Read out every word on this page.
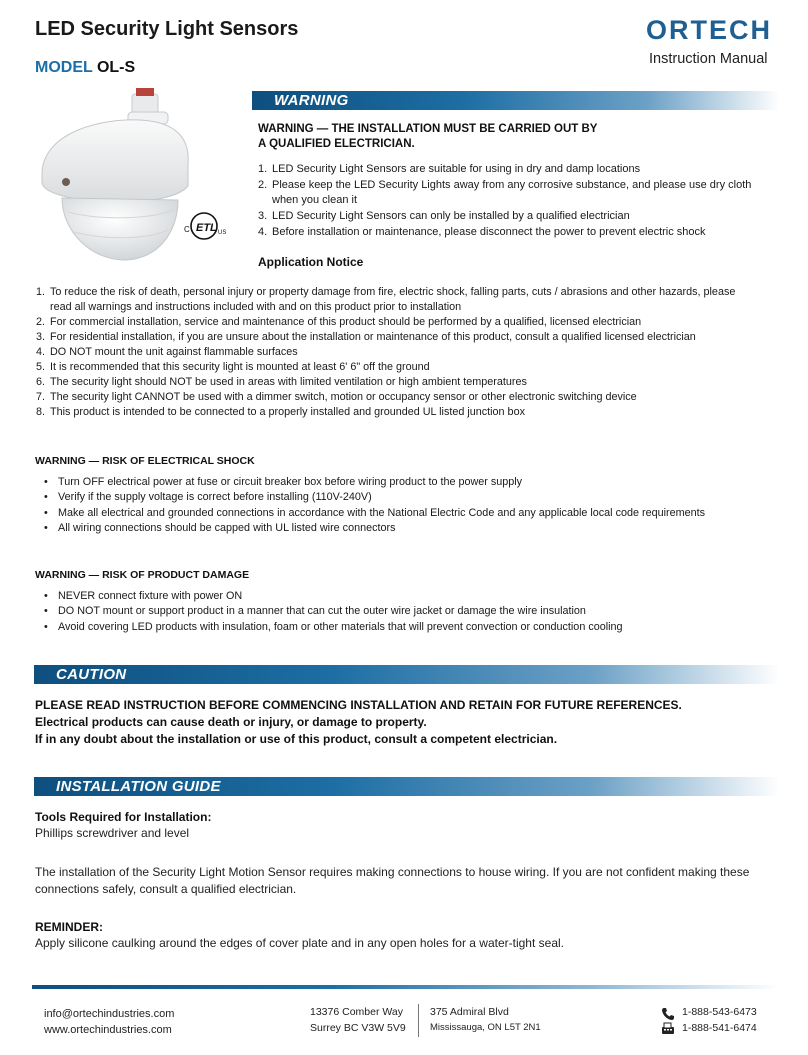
LED Security Light Sensors
MODEL OL-S
ORTECH
Instruction Manual
ETL
C	US
WARNING
WARNING — THE INSTALLATION MUST BE CARRIED OUT BY
A QUALIFIED ELECTRICIAN.
1. LED Security Light Sensors are suitable for using in dry and damp locations
2. Please keep the LED Security Lights away from any corrosive substance, and please use dry cloth when you clean it
3. LED Security Light Sensors can only be installed by a qualified electrician
4. Before installation or maintenance, please disconnect the power to prevent electric shock
Application Notice
1. To reduce the risk of death, personal injury or property damage from fire, electric shock, falling parts, cuts / abrasions and other hazards, please read all warnings and instructions included with and on this product prior to installation
2. For commercial installation, service and maintenance of this product should be performed by a qualified, licensed electrician
3. For residential installation, if you are unsure about the installation or maintenance of this product, consult a qualified licensed electrician
4. DO NOT mount the unit against flammable surfaces
5. It is recommended that this security light is mounted at least 6' 6" off the ground
6. The security light should NOT be used in areas with limited ventilation or high ambient temperatures
7. The security light CANNOT be used with a dimmer switch, motion or occupancy sensor or other electronic switching device
8. This product is intended to be connected to a properly installed and grounded UL listed junction box
WARNING — RISK OF ELECTRICAL SHOCK
• Turn OFF electrical power at fuse or circuit breaker box before wiring product to the power supply
• Verify if the supply voltage is correct before installing (110V-240V)
• Make all electrical and grounded connections in accordance with the National Electric Code and any applicable local code requirements
• All wiring connections should be capped with UL listed wire connectors
WARNING — RISK OF PRODUCT DAMAGE
• NEVER connect fixture with power ON
• DO NOT mount or support product in a manner that can cut the outer wire jacket or damage the wire insulation
• Avoid covering LED products with insulation, foam or other materials that will prevent convection or conduction cooling
CAUTION
PLEASE READ INSTRUCTION BEFORE COMMENCING INSTALLATION AND RETAIN FOR FUTURE REFERENCES.
Electrical products can cause death or injury, or damage to property.
If in any doubt about the installation or use of this product, consult a competent electrician.
INSTALLATION GUIDE
Tools Required for Installation:
Phillips screwdriver and level
The installation of the Security Light Motion Sensor requires making connections to house wiring. If you are not confident making these connections safely, consult a qualified electrician.
REMINDER:
Apply silicone caulking around the edges of cover plate and in any open holes for a water-tight seal.
info@ortechindustries.com
www.ortechindustries.com
13376 Comber Way
Surrey BC V3W 5V9
375 Admiral Blvd
Mississauga, ON L5T 2N1
1-888-543-6473
1-888-541-6474
